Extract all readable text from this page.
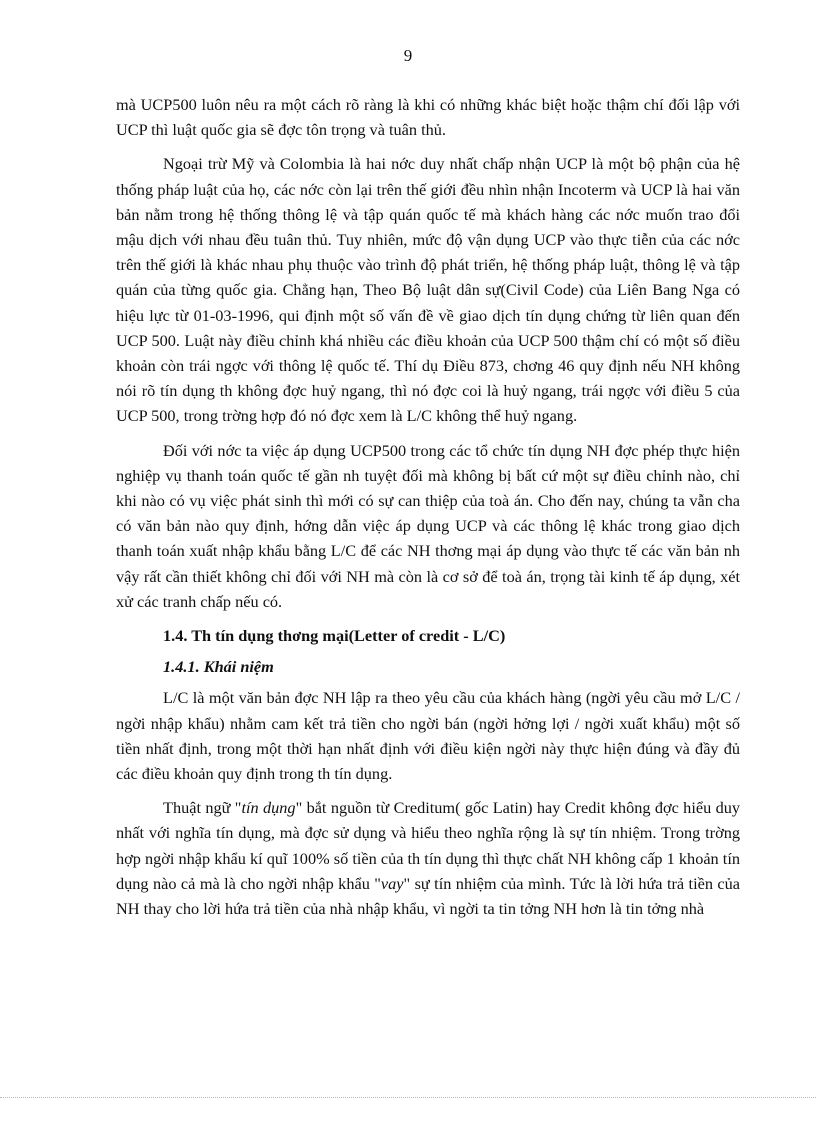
9

mà UCP500 luôn nêu ra một cách rõ ràng là khi có những khác biệt hoặc thậm chí đối lập với UCP thì luật quốc gia sẽ đợc tôn trọng và tuân thủ.

Ngoại trừ Mỹ và Colombia là hai nớc duy nhất chấp nhận UCP là một bộ phận của hệ thống pháp luật của họ, các nớc còn lại trên thế giới đều nhìn nhận Incoterm và UCP là hai văn bản nằm trong hệ thống thông lệ và tập quán quốc tế mà khách hàng các nớc muốn trao đổi mậu dịch với nhau đều tuân thủ. Tuy nhiên, mức độ vận dụng UCP vào thực tiễn của các nớc trên thế giới là khác nhau phụ thuộc vào trình độ phát triển, hệ thống pháp luật, thông lệ và tập quán của từng quốc gia. Chẳng hạn, Theo Bộ luật dân sự(Civil Code) của Liên Bang Nga có hiệu lực từ 01-03-1996, qui định một số vấn đề về giao dịch tín dụng chứng từ liên quan đến UCP 500. Luật này điều chỉnh khá nhiều các điều khoản của UCP 500 thậm chí có một số điều khoản còn trái ngợc với thông lệ quốc tế. Thí dụ Điều 873, chơng 46 quy định nếu NH không nói rõ tín dụng th không đợc huỷ ngang, thì nó đợc coi là huỷ ngang, trái ngợc với điều 5 của UCP 500, trong trờng hợp đó nó đợc xem là L/C không thể huỷ ngang.

Đối với nớc ta việc áp dụng UCP500 trong các tổ chức tín dụng NH đợc phép thực hiện nghiệp vụ thanh toán quốc tế gần nh tuyệt đối mà không bị bất cứ một sự điều chỉnh nào, chỉ khi nào có vụ việc phát sinh thì mới có sự can thiệp của toà án. Cho đến nay, chúng ta vẫn cha có văn bản nào quy định, hớng dẫn việc áp dụng UCP và các thông lệ khác trong giao dịch thanh toán xuất nhập khẩu bằng L/C để các NH thơng mại áp dụng vào thực tế các văn bản nh vậy rất cần thiết không chỉ đối với NH mà còn là cơ sở để toà án, trọng tài kinh tế áp dụng, xét xử các tranh chấp nếu có.

1.4. Th tín dụng thơng mại(Letter of credit - L/C)
1.4.1. Khái niệm

L/C là một văn bản đợc NH lập ra theo yêu cầu của khách hàng (ngời yêu cầu mở L/C / ngời nhập khẩu) nhằm cam kết trả tiền cho ngời bán (ngời hởng lợi / ngời xuất khẩu) một số tiền nhất định, trong một thời hạn nhất định với điều kiện ngời này thực hiện đúng và đầy đủ các điều khoản quy định trong th tín dụng.

Thuật ngữ "tín dụng" bắt nguồn từ Creditum( gốc Latin) hay Credit không đợc hiểu duy nhất với nghĩa tín dụng, mà đợc sử dụng và hiểu theo nghĩa rộng là sự tín nhiệm. Trong trờng hợp ngời nhập khẩu kí quĩ 100% số tiền của th tín dụng thì thực chất NH không cấp 1 khoản tín dụng nào cả mà là cho ngời nhập khẩu "vay" sự tín nhiệm của mình. Tức là lời hứa trả tiền của NH thay cho lời hứa trả tiền của nhà nhập khẩu, vì ngời ta tin tởng NH hơn là tin tởng nhà
